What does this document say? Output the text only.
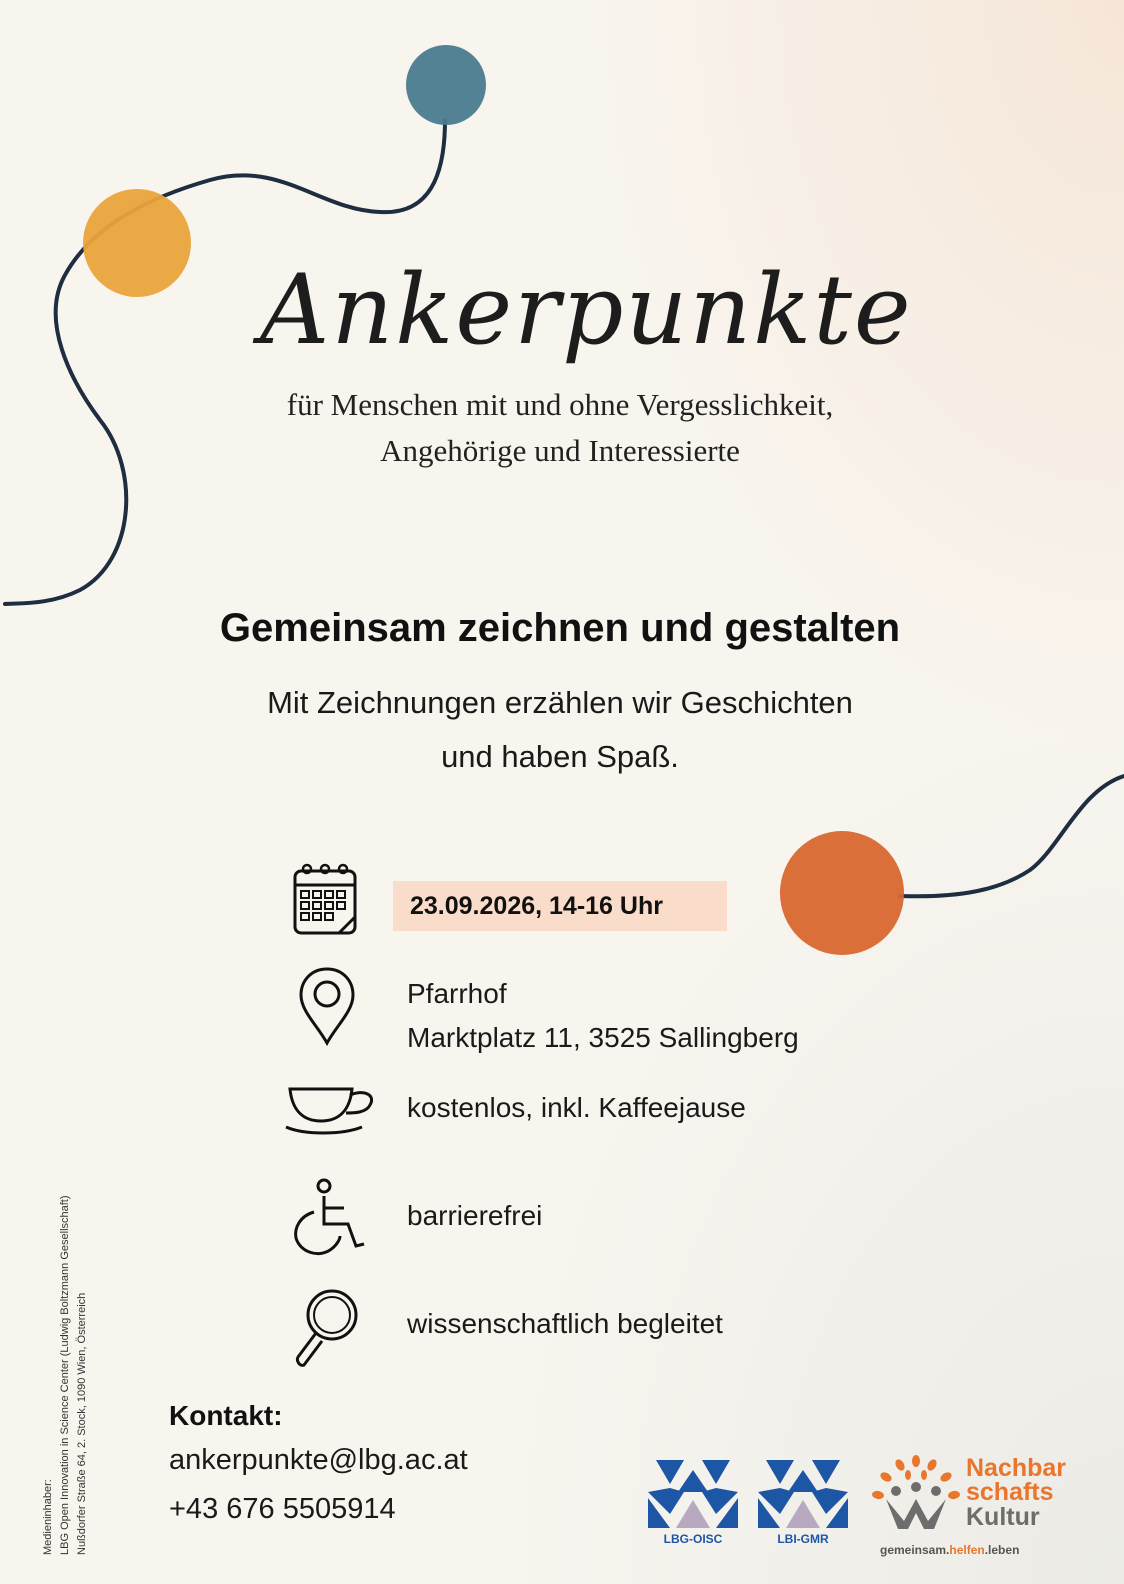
Ankerpunkte
für Menschen mit und ohne Vergesslichkeit,
Angehörige und Interessierte
Gemeinsam zeichnen und gestalten
Mit Zeichnungen erzählen wir Geschichten
und haben Spaß.
23.09.2026, 14-16 Uhr
Pfarrhof
Marktplatz 11, 3525 Sallingberg
kostenlos, inkl. Kaffeejause
barrierefrei
wissenschaftlich begleitet
Kontakt:
ankerpunkte@lbg.ac.at
+43 676 5505914
Medieninhaber: LBG Open Innovation in Science Center (Ludwig Boltzmann Gesellschaft) Nußdorfer Straße 64, 2. Stock, 1090 Wien, Österreich	LBG-OISC	LBI-GMR
Nachbar
schafts
Kultur
gemeinsam.helfen.leben
